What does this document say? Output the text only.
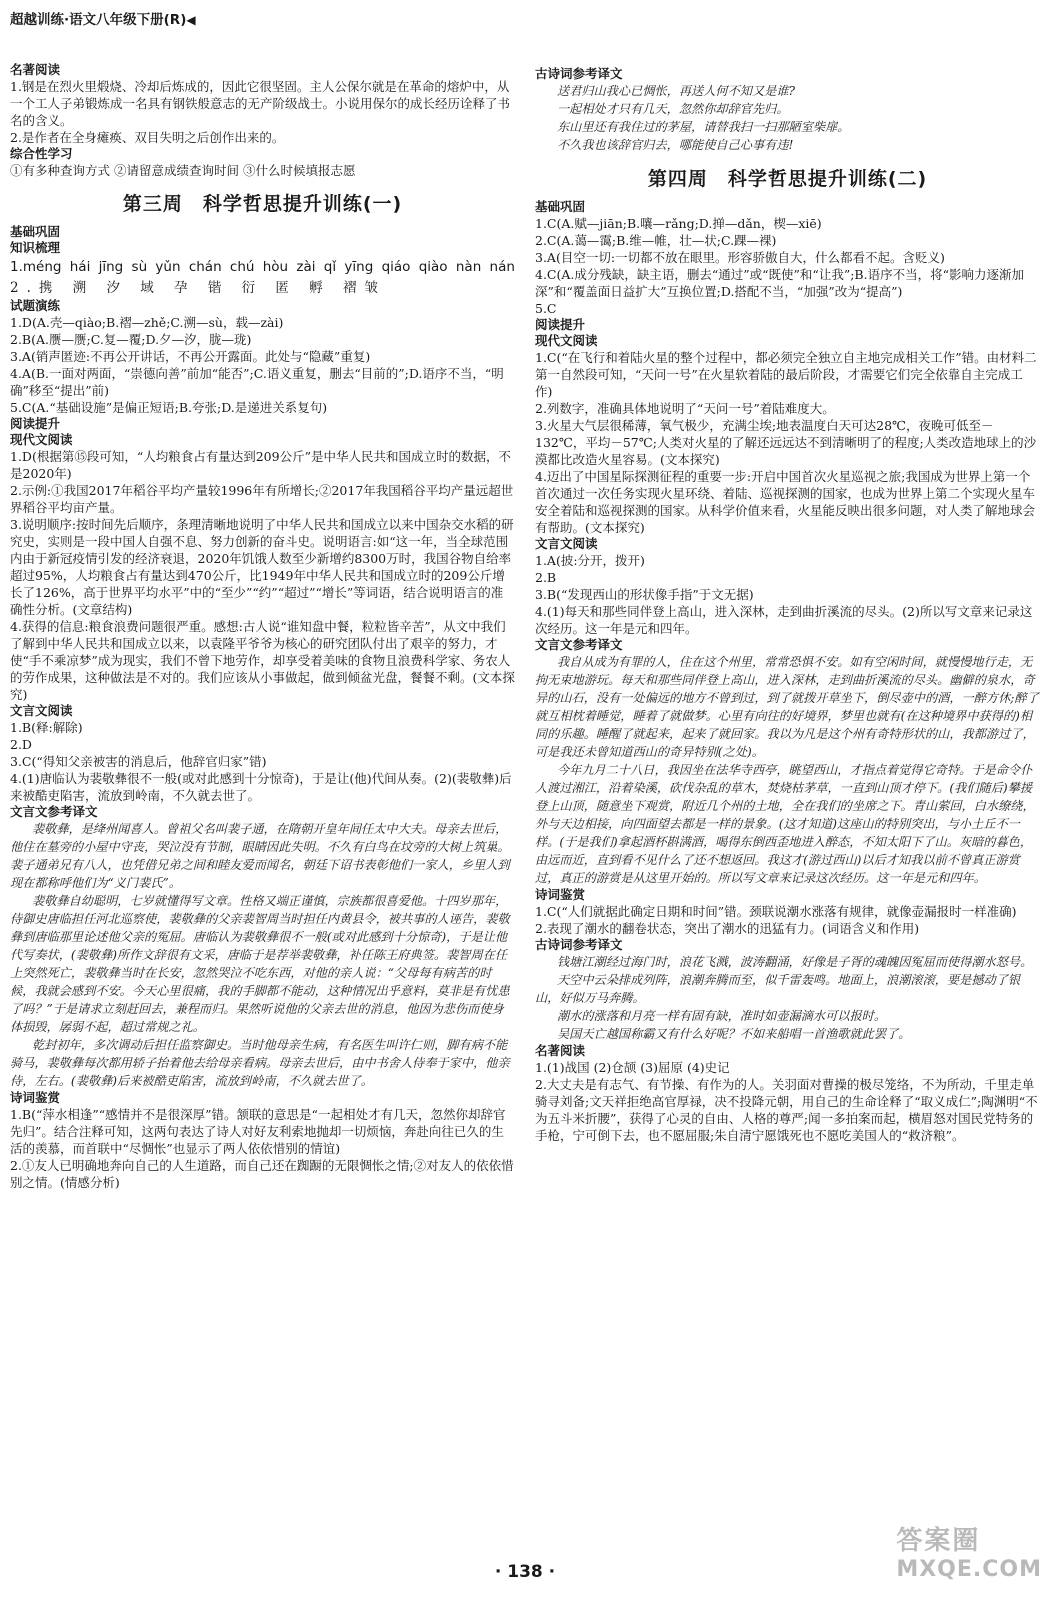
超越训练·语文八年级下册(R)◀
名著阅读
1.钢是在烈火里煅烧、冷却后炼成的，因此它很坚固。主人公保尔就是在革命的熔炉中，从一个工人子弟锻炼成一名具有钢铁般意志的无产阶级战士。小说用保尔的成长经历诠释了书名的含义。
2.是作者在全身瘫痪、双目失明之后创作出来的。
综合性学习
①有多种查询方式 ②请留意成绩查询时间 ③什么时候填报志愿
第三周　科学哲思提升训练(一)
基础巩固
知识梳理
1.méng hái jīng sù yǔn chán chú hòu zài qǐ yīng qiáo qiào nàn nán
2.携 溯 汐 域 孕 锴 衍 匿 孵 褶皱
试题演练
1.D(A.壳—qiào;B.褶—zhě;C.溯—sù，载—zài)
2.B(A.赝—赝;C.复—覆;D.夕—汐，胧—珑)
3.A(销声匿迹:不再公开讲话，不再公开露面。此处与“隐藏”重复)
4.A(B.一面对两面，“崇德向善”前加“能否”;C.语义重复，删去“目前的”;D.语序不当，“明确”移至“提出”前)
5.C(A.“基础设施”是偏正短语;B.夸张;D.是递进关系复句)
阅读提升
现代文阅读
1.D(根据第⑮段可知，“人均粮食占有量达到209公斤”是中华人民共和国成立时的数据，不是2020年)
2.示例:①我国2017年稻谷平均产量较1996年有所增长;②2017年我国稻谷平均产量远超世界稻谷平均亩产量。
3.说明顺序:按时间先后顺序，条理清晰地说明了中华人民共和国成立以来中国杂交水稻的研究史，实则是一段中国人自强不息、努力创新的奋斗史。说明语言:如“这一年，当全球范围内由于新冠疫情引发的经济衰退，2020年饥饿人数至少新增约8300万时，我国谷物自给率超过95%，人均粮食占有量达到470公斤，比1949年中华人民共和国成立时的209公斤增长了126%，高于世界平均水平”中的“至少”“约”“超过”“增长”等词语，结合说明语言的准确性分析。(文章结构)
4.获得的信息:粮食浪费问题很严重。感想:古人说“谁知盘中餐，粒粒皆辛苦”，从文中我们了解到中华人民共和国成立以来，以袁隆平爷爷为核心的研究团队付出了艰辛的努力，才使“手不乘凉梦”成为现实，我们不曾下地劳作，却享受着美味的食物且浪费科学家、务农人的劳作成果，这种做法是不对的。我们应该从小事做起，做到倾盆光盘，餐餐不剩。(文本探究)
文言文阅读
1.B(释:解除)
2.D
3.C(“得知父亲被害的消息后，他辞官归家”错)
4.(1)唐临认为裴敬彝很不一般(或对此感到十分惊奇)，于是让(他)代间从奏。(2)(裴敬彝)后来被酷吏陷害，流放到岭南，不久就去世了。
文言文参考译文
裴敬彝，是绛州闻喜人。曾祖父名叫裴子通，在隋朝开皇年间任太中大夫。母亲去世后，他住在墓旁的小屋中守丧，哭泣没有节制，眼睛因此失明。不久有白鸟在坟旁的大树上筑巢。裴子通弟兄有八人，也凭借兄弟之间和睦友爱而闻名，朝廷下诏书表彰他们一家人，乡里人到现在都称呼他们为“义门裴氏”。
裴敬彝自幼聪明，七岁就懂得写文章。性格又端正谨慎，宗族都很喜爱他。十四岁那年，侍御史唐临担任河北巡察使，裴敬彝的父亲裴智周当时担任内黄县令，被共事的人诬告，裴敬彝到唐临那里论述他父亲的冤屈。唐临认为裴敬彝很不一般(或对此感到十分惊奇)，于是让他代写奏状，(裴敬彝)所作文辞很有文采，唐临于是荐举裴敬彝，补任陈王府典签。裴智周在任上突然死亡，裴敬彝当时在长安，忽然哭泣不吃东西，对他的亲人说：“父母每有病苦的时候，我就会感到不安。今天心里很痛，我的手脚都不能动，这种情况出乎意料，莫非是有忧患了吗？”于是请求立刻赶回去，兼程而归。果然听说他的父亲去世的消息，他因为悲伤而使身体损毁，孱弱不起，超过常规之礼。
乾封初年，多次调动后担任监察御史。当时他母亲生病，有名医生叫许仁则，脚有病不能骑马，裴敬彝每次都用轿子抬着他去给母亲看病。母亲去世后，由中书舍人侍奉于家中，他亲侍，左右。(裴敬彝)后来被酷吏陷害，流放到岭南，不久就去世了。
诗词鉴赏
1.B(“萍水相逢”“感情并不是很深厚”错。颔联的意思是“一起相处才有几天，忽然你却辞官先归”。结合注释可知，这两句表达了诗人对好友利索地抛却一切烦恼，奔赴向往已久的生活的羡慕，而首联中“尽惆怅”也显示了两人依依惜别的情谊)
2.①友人已明确地奔向自己的人生道路，而自己还在踟蹰的无限惆怅之情;②对友人的依依惜别之情。(情感分析)
古诗词参考译文
送君归山我心已惆怅，再送人何不知又是谁?
一起相处才只有几天，忽然你却辞官先归。
东山里还有我住过的茅屋，请替我扫一扫那陋室柴扉。
不久我也该辞官归去，哪能使自己心事有违!
第四周　科学哲思提升训练(二)
基础巩固
1.C(A.赋—jiān;B.嚷—rǎng;D.掸—dǎn，楔—xiē)
2.C(A.蔼—霭;B.维—帷，壮—状;C.踝—裸)
3.A(目空一切:一切都不放在眼里。形容骄傲自大，什么都看不起。含贬义)
4.C(A.成分残缺，缺主语，删去“通过”或“既使”和“让我”;B.语序不当，将“影响力逐渐加深”和“覆盖面日益扩大”互换位置;D.搭配不当，“加强”改为“提高”)
5.C
阅读提升
现代文阅读
1.C(“在飞行和着陆火星的整个过程中，都必须完全独立自主地完成相关工作”错。由材料二第一自然段可知，“天问一号”在火星软着陆的最后阶段，才需要它们完全依靠自主完成工作)
2.列数字，准确具体地说明了“天问一号”着陆难度大。
3.火星大气层很稀薄，氧气极少，充满尘埃;地表温度白天可达28℃，夜晚可低至－132℃，平均－57℃;人类对火星的了解还远远达不到清晰明了的程度;人类改造地球上的沙漠都比改造火星容易。(文本探究)
4.迈出了中国星际探测征程的重要一步:开启中国首次火星巡视之旅;我国成为世界上第一个首次通过一次任务实现火星环绕、着陆、巡视探测的国家，也成为世界上第二个实现火星车安全着陆和巡视探测的国家。从科学价值来看，火星能反映出很多问题，对人类了解地球会有帮助。(文本探究)
文言文阅读
1.A(披:分开，拨开)
2.B
3.B(“发现西山的形状像手指”于文无据)
4.(1)每天和那些同伴登上高山，进入深林，走到曲折溪流的尽头。(2)所以写文章来记录这次经历。这一年是元和四年。
文言文参考译文
我自从成为有罪的人，住在这个州里，常常恐惧不安。如有空闲时间，就慢慢地行走，无拘无束地游玩。每天和那些同伴登上高山，进入深林，走到曲折溪流的尽头。幽僻的泉水，奇异的山石，没有一处偏远的地方不曾到过，到了就拨开草坐下，倒尽壶中的酒，一醉方休;醉了就互相枕着睡觉，睡着了就做梦。心里有向往的好境界，梦里也就有(在这种境界中获得的)相同的乐趣。睡醒了就起来，起来了就回家。我以为凡是这个州有奇特形状的山，我都游过了，可是我还未曾知道西山的奇异特别(之处)。
今年九月二十八日，我因坐在法华寺西亭，眺望西山，才指点着觉得它奇特。于是命令仆人渡过湘江，沿着染溪，砍伐杂乱的草木，焚烧枯茅草，一直到山顶才停下。(我们随后)攀援登上山顶，随意坐下观赏，附近几个州的土地，全在我们的坐席之下。青山萦回，白水缭绕，外与天边相接，向四面望去都是一样的景象。(这才知道)这座山的特别突出，与小土丘不一样。(于是我们)拿起酒杯斟满酒，喝得东倒西歪地进入醉态，不知太阳下了山。灰暗的暮色，由远而近，直到看不见什么了还不想返回。我这才(游过西山)以后才知我以前不曾真正游赏过，真正的游赏是从这里开始的。所以写文章来记录这次经历。这一年是元和四年。
诗词鉴赏
1.C(“人们就据此确定日期和时间”错。颈联说潮水涨落有规律，就像壶漏报时一样准确)
2.表现了潮水的翻卷状态，突出了潮水的迅猛有力。(词语含义和作用)
古诗词参考译文
钱塘江潮经过海门时，浪花飞溅，波涛翻涌，好像是子胥的魂魄因冤屈而使得潮水怒号。
天空中云朵排成列阵，浪潮奔腾而至，似千雷轰鸣。地面上，浪潮滚滚，要是撼动了银山，好似万马奔腾。
潮水的涨落和月亮一样有固有缺，准时如壶漏滴水可以报时。
吴国天亡越国称霸又有什么好呢？不如来船唱一首渔歌就此罢了。
名著阅读
1.(1)战国 (2)仓颉 (3)屈原 (4)史记
2.大丈夫是有志气、有节操、有作为的人。关羽面对曹操的极尽笼络，不为所动，千里走单骑寻刘备;文天祥拒绝高官厚禄，决不投降元朝，用自己的生命诠释了“取义成仁”;陶渊明“不为五斗米折腰”，获得了心灵的自由、人格的尊严;闻一多拍案而起，横眉怒对国民党特务的手枪，宁可倒下去，也不愿屈服;朱自清宁愿饿死也不愿吃美国人的“救济粮”。
· 138 ·
答案圈
MXQE.COM
